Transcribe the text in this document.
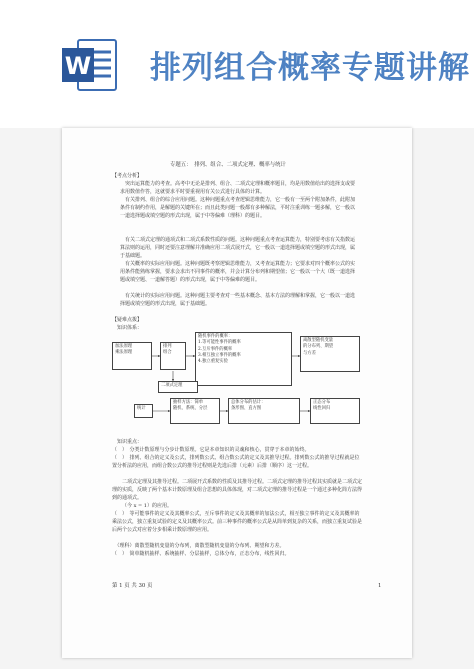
W 排列组合概率专题讲解
专题五：　排列、组合、二项式定理、概率与统计
【考点分析】
　突出运算能力的考查。高考中无论是排列、组合、二项式定理和概率题目，均是用数值给出的选择支或要求用数值作答，这就要求平时要重视用有关公式进行具体的计算。
　有关排列、组合的综合应用问题。这种问题重点考查逻辑思维能力，它一般有一至两个附加条件，此附加条件有制约作用，是解题的关键所在；而且此类问题一般都有多种解法，平时注重训练一题多解，它一般以一道选择题或填空题的形式出现，属于中等偏难（理科）的题目。
　有关二项式定理的通项式和二项式系数性质的问题。这种问题重点考查运算能力，特别要考虑有关指数运算法则的运用，同时还要注意理解并准确应用二项式展开式，它一般以一道选择题或填空题的形式出现，属于基础题。
　有关概率的实际应用问题。这种问题既考察逻辑思维能力，又考查运算能力；它要求对四个概率公式的实用条件能熟练掌握，要求会求出不同事件的概率，并会计算分布列和期望值；它一般以一个大（既一道选择题或填空题、一道解答题）的形式出现，属于中等偏难的题目。
　有关统计的实际应用问题。这种问题主要考查对一些基本概念、基本方法的理解和掌握，它一般以一道选择题或填空题的形式出现，属于基础题。
【疑难点拨】
　知识体系：
加法原理
乘法原理
排列
组合
随机事件的概率：
1.等可能性事件的概率
2.互斥事件的概率
3.相互独立事件的概率
4.独立重复实验
离散型随机变量
的分布列、期望
与方差
二项式定理
统计
抽样方法：简单
随机、系统、分层
总体分布的估计：
条形图、直方图
正态分布
线性回归
　知识重点：
（　）　分类计数原理与分步计数原理。它是本章知识的灵魂和核心，贯穿于本章的始终。
（　）　排列、组合的定义及公式，排列数公式、组合数公式的定义及其推导过程。排列数公式的推导过程就是位置分析法的应用，而组合数公式的推导过程则是先选后排（元素）后排（顺序）这一过程。
　　二项式定理及其推导过程。二项展开式系数的性质及其推导过程。二项式定理的推导过程其实质就是二项式定理的实质，反映了两个基本计数原理及组合思想的具体体现，对二项式定理的推导过程是一个通过多种化简方法得到的通项式。
（今 x = 1）的应用。
（　）　等可能事件的定义及其概率公式，互斥事件的定义及其概率的加法公式，相互独立事件的定义及其概率的乘法公式，独立重复试验的定义及其概率公式。前三种事件的概率公式是从简单到复杂的关系，而独立重复试验是后两个公式对应着分步相乘计数原理的应用。
　（理科）离散型随机变量的分布列，离散型随机变量的分布列、期望和方差。
（　）　简单随机抽样、系统抽样、分层抽样，总体分布，正态分布，线性回归。
第 1 页 共 30 页	1
